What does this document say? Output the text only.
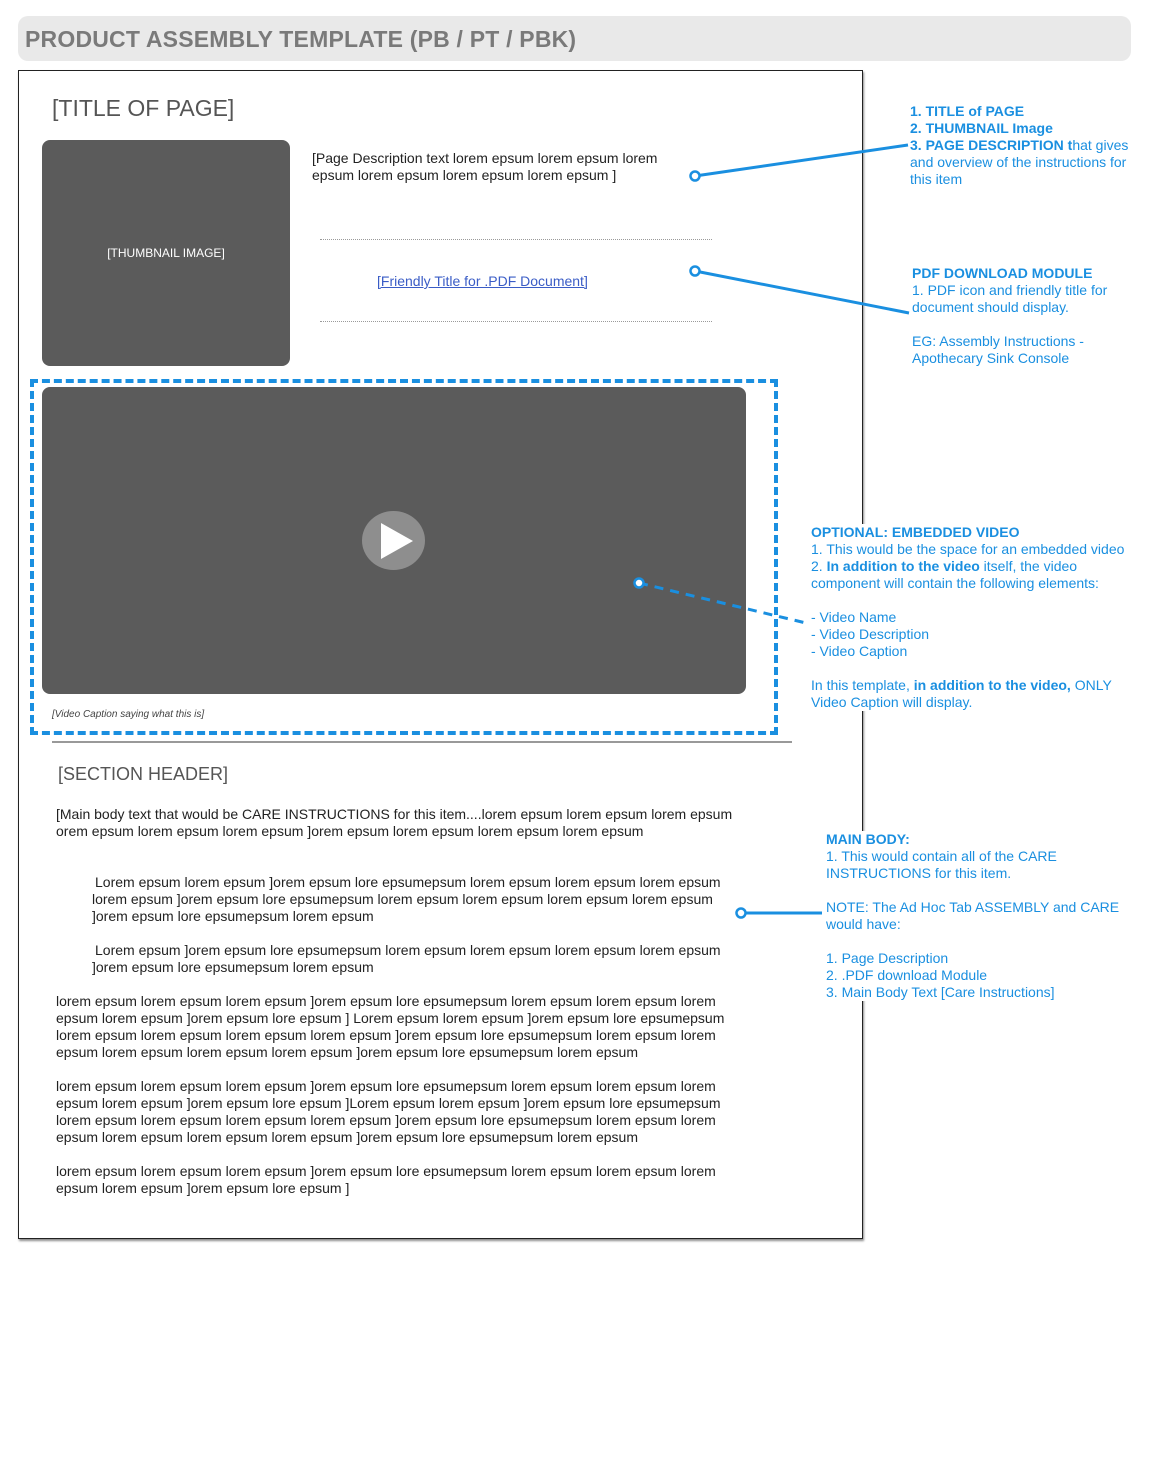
PRODUCT ASSEMBLY TEMPLATE (PB / PT / PBK)
[TITLE OF PAGE]
[THUMBNAIL IMAGE]
[Page Description text lorem epsum lorem epsum lorem epsum lorem epsum lorem epsum lorem epsum ]
[Friendly Title for .PDF Document]
[Video Caption saying what this is]
[SECTION HEADER]
[Main body text that would be CARE INSTRUCTIONS for this item....lorem epsum lorem epsum lorem epsum orem epsum lorem epsum lorem epsum ]orem epsum lorem epsum lorem epsum lorem epsum
Lorem epsum lorem epsum ]orem epsum lore epsumepsum lorem epsum lorem epsum lorem epsum lorem epsum ]orem epsum lore epsumepsum lorem epsum lorem epsum lorem epsum lorem epsum ]orem epsum lore epsumepsum lorem epsum
Lorem epsum ]orem epsum lore epsumepsum lorem epsum lorem epsum lorem epsum lorem epsum ]orem epsum lore epsumepsum lorem epsum
lorem epsum lorem epsum lorem epsum ]orem epsum lore epsumepsum lorem epsum lorem epsum lorem epsum lorem epsum ]orem epsum lore epsum ] Lorem epsum lorem epsum ]orem epsum lore epsumepsum lorem epsum lorem epsum lorem epsum lorem epsum ]orem epsum lore epsumepsum lorem epsum lorem epsum lorem epsum lorem epsum lorem epsum ]orem epsum lore epsumepsum lorem epsum
lorem epsum lorem epsum lorem epsum ]orem epsum lore epsumepsum lorem epsum lorem epsum lorem epsum lorem epsum ]orem epsum lore epsum ]Lorem epsum lorem epsum ]orem epsum lore epsumepsum lorem epsum lorem epsum lorem epsum lorem epsum ]orem epsum lore epsumepsum lorem epsum lorem epsum lorem epsum lorem epsum lorem epsum ]orem epsum lore epsumepsum lorem epsum
lorem epsum lorem epsum lorem epsum ]orem epsum lore epsumepsum lorem epsum lorem epsum lorem epsum lorem epsum ]orem epsum lore epsum ]
1. TITLE of PAGE
2. THUMBNAIL Image
3. PAGE DESCRIPTION that gives and overview of the instructions for this item
PDF DOWNLOAD MODULE
1. PDF icon and friendly title for document should display.
EG: Assembly Instructions - Apothecary Sink Console
OPTIONAL: EMBEDDED VIDEO
1. This would be the space for an embedded video
2. In addition to the video itself, the video component will contain the following elements:
- Video Name
- Video Description
- Video Caption
In this template, in addition to the video, ONLY Video Caption will display.
MAIN BODY:
1. This would contain all of the CARE INSTRUCTIONS for this item.
NOTE: The Ad Hoc Tab ASSEMBLY and CARE would have:
1. Page Description
2. .PDF download Module
3. Main Body Text [Care Instructions]
